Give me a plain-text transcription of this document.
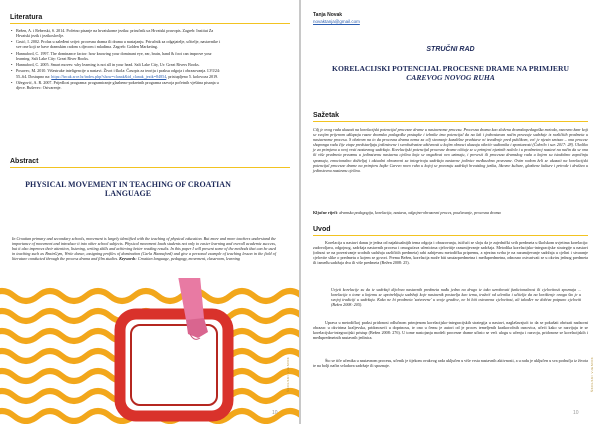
Literatura
• Bežen, A. i Reberski, S. 2014. Početno pisanje na hrvatskome jeziku: priručnik uz Hrvatski pravopis. Zagreb: Institut Za Hrvatski jezik i jezikoslovlje.
• Gruić, I. 2002. Prolaz u zaleđeni svijet: procesna drama ili drama u nastajanju. Priručnik za odgajatelje, učitelje, nastavnike i sve one koji se bave dramskim radom s djecom i mladima. Zagreb: Golden Marketing.
• Hannaford, C. 1997. The dominance factor: how knowing your dominant eye, ear, brain, hand & foot can improve your learning. Salt Lake City: Great River Books.
• Hannaford, C. 2005. Smart moves: why learning is not all in your head. Salt Lake City, Ur: Great Rivers Books.
• Posavec, M. 2010. Višestruke inteligencije u nastavi. Život i škola: Časopis za teoriju i praksu odgoja i obrazovanja. LVI/24: 55–64. Dostupno na: https://hrcak.srce.hr/index.php?show=clanak&id_clanak_jezik=84854, pristupljeno 5. kolovoza 2019.
• Ožegović, A. R. 2007. Prijedlozi programa: programiranje glazbeno-pokretnih programa razvoja početnih vještina pisanja u djece. Buševec: Ostvarenje.
Abstract
PHYSICAL MOVEMENT IN TEACHING OF CROATIAN LANGUAGE

In Croatian primary and secondary schools, movement is largely identified with the teaching of physical education. But more and more teachers understand the importance of movement and introduce it into other school subjects. Physical movement leads students not only to easier learning and overall academic success, but it also improves their attention, listening, writing skills and achieving better reading results. In this paper I will present some of the methods that can be used in teaching such as BrainGym, Write dance, assigning profiles of domination (Carla Hannaford) and give a personal example of teaching lesson in the field of literature conducted through the process drama and film studies. Keywords: Croatian language, pedagogy, movement, classroom, learning

ŠKOLSKI VJESNIK
10
Tanja Novak
novaktanja@gmail.com
STRUČNI RAD
KORELACIJSKI POTENCIJAL PROCESNE DRAME NA PRIMJERU CAREVOG NOVOG RUHA
Sažetak

Cilj je ovog rada ukazati na korelacijski potencijal procesne drame u nastavnome procesu. Procesna drama kao složena dramskopedagoška metoda, osnovno žanr koji se svojim prijenom uklapaju razne dramsko pedagoške postupke i tehnike ima potencijal da na lak i jednostavan način povezuje sadržaje iz različitih predmeta u nastavnome procesu. S obzirom na to da procesna drama nema za cilj stvaranje kazališne predstave ni izvođenje pred publikom, već je njezin smisao – ona procese shaponga radu čije etape predstavljaju jedinstvene i sveobuhvatne aktivnosti u kojim obrasci ukazuju otkriće sudionika i spontanosti (Čabrilo i sur. 2017: 28). Ukoliko je za primjenu u ovoj vrsti nastavnog sadržaja. Korelacijski potencijal procesne drame očituje se u primjeni njezinih načela i u predmetnoj nastavi na način da se ona ili više predmeta preuzmu u jedinstvenu nastavnu cjelinu koja se ongaživat ovo uzimaju, i prevesti ili procesna dramskog rada u kojem su istodobno započinju spoznaju, emocionalno doživljaj i aktualni obrazovni sa integriraju sadržaja nastavne jedinice međusobno povezane. Ovim radom želi se ukazati na korelacijski potencijal procesne drame na primjeru bajke Carevo novo ruho u kojoj se povezuju sadržaji hrvatskog jezika, likovne kulture, glazbene kulture i prirode i društva u jedinstvenu nastavnu cjelinu.

Ključne riječi: dramska pedagogija, korelacija, nastava, odgojno-obrazovni proces, poučavanje, procesna drama

Uvod

Korelacija u nastavi danas je jedna od najaktualnijih tema odgoja i obrazovanja, ističući se sloju da je zajednički svih predmeta u školskom uvjetima korelacija: zadovoljava, odgojnog, sadržaja nastavnih procesa i omogućava učenicima cjelovitije razumijevanje sadržaja. Metodika korelacijsko-integracijske strategije u nastavi (odnosi se na povezivanje srodnih sadržaja različitih predmeta) rabi zahtjevnu metodičku pripremu, a njezina svrha je na razumijevanje sadržaja u cjelini i stvaranje cjelovite slike o predmetu o kojem se govori. Prema Bežen, korelacija može biti unutarpredmetna i međupredmetna, odnosno ostvarivati se u okviru jednog predmeta ili između sadržaja dva ili više predmeta (Bežen 2008: 25).

Uvjeti korelacije su da te sadržaji dijelova nastavnih predmeta nađu jedno na drugo te tako uzrokovati funkcionalnost ili cjelovitosti spoznaja ... korelacija o tome u kojemu se upotrebljuju sadržaji koje nastavnik postavlja kao temu, tražeći od učenika i učitelja da na korištenje onoga što je u svojoj tradiciji u sadržaju. Kako ne bi predmeta 'zatvorene' u svoje gradive, ne bi biti ostvarena cjelovitost, ali također ne dobiva potpuno cjeloviti (Bežen 2008: 205).

Uprava u metodičkoj praksi pridonosi odlučnom primjenom korelacijsko-integracijskih strategija u nastavi, naglašavajući to da se pokušati obrisati nadzorni obrazac u okvirima kraljevska, pridonoseći u doprinosu, te ono u čemu je autori od je proces temeljenih kratkoročnih osnovica, učeći kako se razvijaju te se korelacijsko-integracijski pristup (Bežen 2008: 276). U tome nastojanju modeli procesne drame učinio se veći ulogu u učenju i razvoju, pridonose se korelacijskih i međupredmetnih nastavnih jedinica.

Što se tiče učenika u nastavnom procesu, učenik je tijekom ovakvog rada uključen u više vrsta nastavnih aktivnosti, a u radu je uključen u sva područja iz života te na bolji način svladava sadržaje ili spoznaje.	ŠKOLSKI VJESNIK
10
